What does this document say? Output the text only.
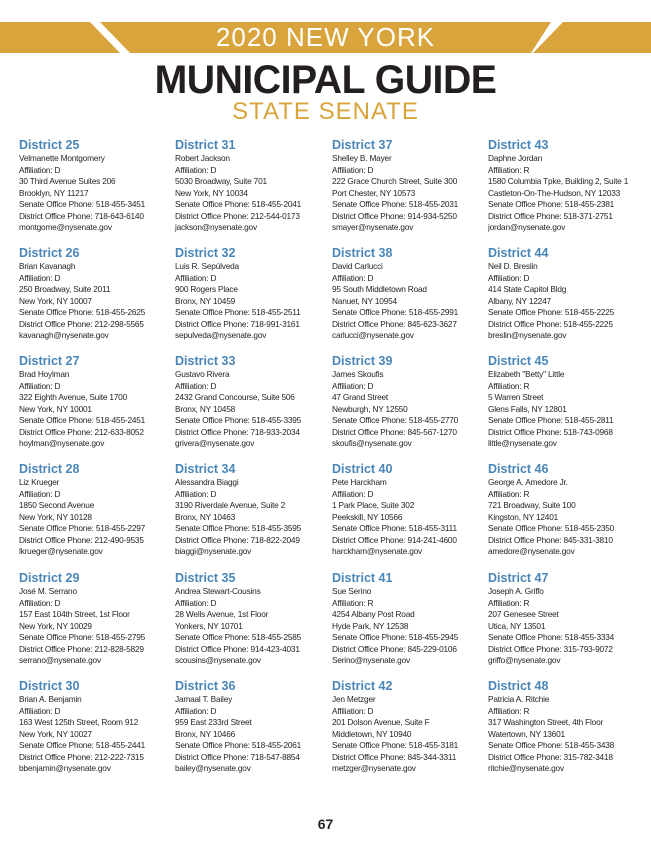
2020 NEW YORK
MUNICIPAL GUIDE
STATE SENATE
District 25
Velmanette Montgomery
Affiliation: D
30 Third Avenue Suites 206
Brooklyn, NY 11217
Senate Office Phone: 518-455-3451
District Office Phone: 718-643-6140
montgome@nysenate.gov
District 26
Brian Kavanagh
Affiliation: D
250 Broadway, Suite 2011
New York, NY 10007
Senate Office Phone: 518-455-2625
District Office Phone: 212-298-5565
kavanagh@nysenate.gov
District 27
Brad Hoylman
Affiliation: D
322 Eighth Avenue, Suite 1700
New York, NY 10001
Senate Office Phone: 518-455-2451
District Office Phone: 212-633-8052
hoylman@nysenate.gov
District 28
Liz Krueger
Affiliation: D
1850 Second Avenue
New York, NY 10128
Senate Office Phone: 518-455-2297
District Office Phone: 212-490-9535
lkrueger@nysenate.gov
District 29
José M. Serrano
Affiliation: D
157 East 104th Street, 1st Floor
New York, NY 10029
Senate Office Phone: 518-455-2795
District Office Phone: 212-828-5829
serrano@nysenate.gov
District 30
Brian A. Benjamin
Affiliation: D
163 West 125th Street, Room 912
New York, NY 10027
Senate Office Phone: 518-455-2441
District Office Phone: 212-222-7315
bbenjamin@nysenate.gov
District 31
Robert Jackson
Affiliation: D
5030 Broadway, Suite 701
New York, NY 10034
Senate Office Phone: 518-455-2041
District Office Phone: 212-544-0173
jackson@nysenate.gov
District 32
Luis R. Sepúlveda
Affiliation: D
900 Rogers Place
Bronx, NY 10459
Senate Office Phone: 518-455-2511
District Office Phone: 718-991-3161
sepulveda@nysenate.gov
District 33
Gustavo Rivera
Affiliation: D
2432 Grand Concourse, Suite 506
Bronx, NY 10458
Senate Office Phone: 518-455-3395
District Office Phone: 718-933-2034
grivera@nysenate.gov
District 34
Alessandra Biaggi
Affiliation: D
3190 Riverdale Avenue, Suite 2
Bronx, NY 10463
Senate Office Phone: 518-455-3595
District Office Phone: 718-822-2049
biaggi@nysenate.gov
District 35
Andrea Stewart-Cousins
Affiliation: D
28 Wells Avenue, 1st Floor
Yonkers, NY 10701
Senate Office Phone: 518-455-2585
District Office Phone: 914-423-4031
scousins@nysenate.gov
District 36
Jamaal T. Bailey
Affiliation: D
959 East 233rd Street
Bronx, NY 10466
Senate Office Phone: 518-455-2061
District Office Phone: 718-547-8854
bailey@nysenate.gov
District 37
Shelley B. Mayer
Affiliation: D
222 Grace Church Street, Suite 300
Port Chester, NY 10573
Senate Office Phone: 518-455-2031
District Office Phone: 914-934-5250
smayer@nysenate.gov
District 38
David Carlucci
Affiliation: D
95 South Middletown Road
Nanuet, NY 10954
Senate Office Phone: 518-455-2991
District Office Phone: 845-623-3627
carlucci@nysenate.gov
District 39
James Skoufis
Affiliation: D
47 Grand Street
Newburgh, NY 12550
Senate Office Phone: 518-455-2770
District Office Phone: 845-567-1270
skoufis@nysenate.gov
District 40
Pete Harckham
Affiliation: D
1 Park Place, Suite 302
Peekskill, NY 10566
Senate Office Phone: 518-455-3111
District Office Phone: 914-241-4600
harckham@nysenate.gov
District 41
Sue Serino
Affiliation: R
4254 Albany Post Road
Hyde Park, NY 12538
Senate Office Phone: 518-455-2945
District Office Phone: 845-229-0106
Serino@nysenate.gov
District 42
Jen Metzger
Affiliation: D
201 Dolson Avenue, Suite F
Middletown, NY 10940
Senate Office Phone: 518-455-3181
District Office Phone: 845-344-3311
metzger@nysenate.gov
District 43
Daphne Jordan
Affiliation: R
1580 Columbia Tpke, Building 2, Suite 1
Castleton-On-The-Hudson, NY 12033
Senate Office Phone: 518-455-2381
District Office Phone: 518-371-2751
jordan@nysenate.gov
District 44
Neil D. Breslin
Affiliation: D
414 State Capitol Bldg
Albany, NY 12247
Senate Office Phone: 518-455-2225
District Office Phone: 518-455-2225
breslin@nysenate.gov
District 45
Elizabeth "Betty" Little
Affiliation: R
5 Warren Street
Glens Falls, NY 12801
Senate Office Phone: 518-455-2811
District Office Phone: 518-743-0968
little@nysenate.gov
District 46
George A. Amedore Jr.
Affiliation: R
721 Broadway, Suite 100
Kingston, NY 12401
Senate Office Phone: 518-455-2350
District Office Phone: 845-331-3810
amedore@nysenate.gov
District 47
Joseph A. Griffo
Affiliation: R
207 Genesee Street
Utica, NY 13501
Senate Office Phone: 518-455-3334
District Office Phone: 315-793-9072
griffo@nysenate.gov
District 48
Patricia A. Ritchie
Affiliation: R
317 Washington Street, 4th Floor
Watertown, NY 13601
Senate Office Phone: 518-455-3438
District Office Phone: 315-782-3418
ritchie@nysenate.gov
67
